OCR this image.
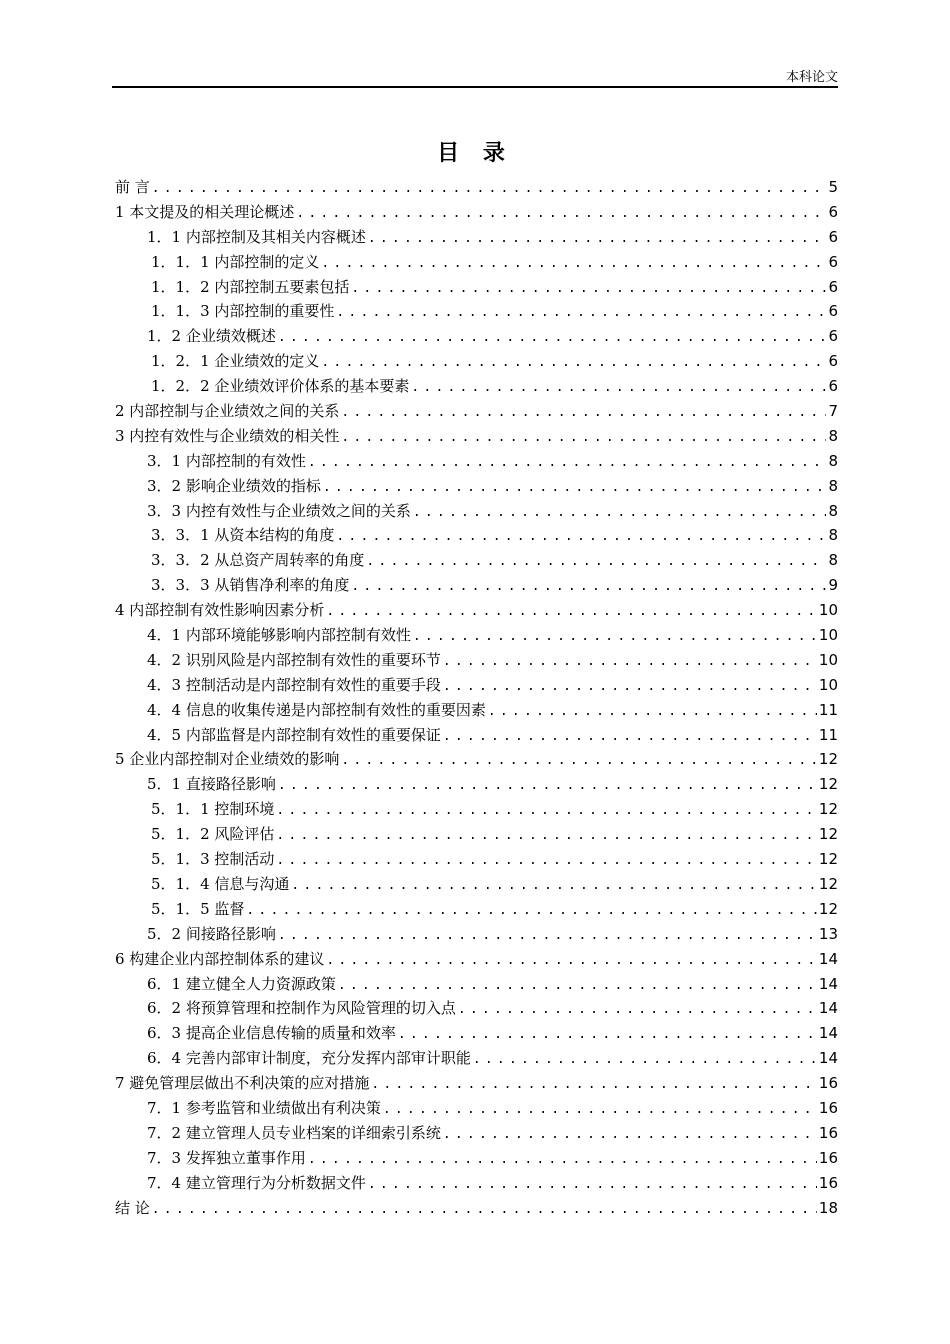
本科论文
目 录
前 言 .....	5
1 本文提及的相关理论概述 .....	6
1．1 内部控制及其相关内容概述 .....	6
1．1．1 内部控制的定义 .....	6
1．1．2 内部控制五要素包括 .....	6
1．1．3 内部控制的重要性 .....	6
1．2 企业绩效概述 .....	6
1．2．1 企业绩效的定义 .....	6
1．2．2 企业绩效评价体系的基本要素 .....	6
2 内部控制与企业绩效之间的关系 .....	7
3 内控有效性与企业绩效的相关性 .....	8
3．1 内部控制的有效性 .....	8
3．2 影响企业绩效的指标 .....	8
3．3 内控有效性与企业绩效之间的关系 .....	8
3．3．1 从资本结构的角度 .....	8
3．3．2 从总资产周转率的角度 .....	8
3．3．3 从销售净利率的角度 .....	9
4 内部控制有效性影响因素分析 .....	10
4．1 内部环境能够影响内部控制有效性 .....	10
4．2 识别风险是内部控制有效性的重要环节 .....	10
4．3 控制活动是内部控制有效性的重要手段 .....	10
4．4 信息的收集传递是内部控制有效性的重要因素 .....	11
4．5 内部监督是内部控制有效性的重要保证 .....	11
5 企业内部控制对企业绩效的影响 .....	12
5．1 直接路径影响 .....	12
5．1．1 控制环境 .....	12
5．1．2 风险评估 .....	12
5．1．3 控制活动 .....	12
5．1．4 信息与沟通 .....	12
5．1．5 监督 .....	12
5．2 间接路径影响 .....	13
6 构建企业内部控制体系的建议 .....	14
6．1 建立健全人力资源政策 .....	14
6．2 将预算管理和控制作为风险管理的切入点 .....	14
6．3 提高企业信息传输的质量和效率 .....	14
6．4 完善内部审计制度，充分发挥内部审计职能 .....	14
7 避免管理层做出不利决策的应对措施 .....	16
7．1 参考监管和业绩做出有利决策 .....	16
7．2 建立管理人员专业档案的详细索引系统 .....	16
7．3 发挥独立董事作用 .....	16
7．4 建立管理行为分析数据文件 .....	16
结 论 .....	18
